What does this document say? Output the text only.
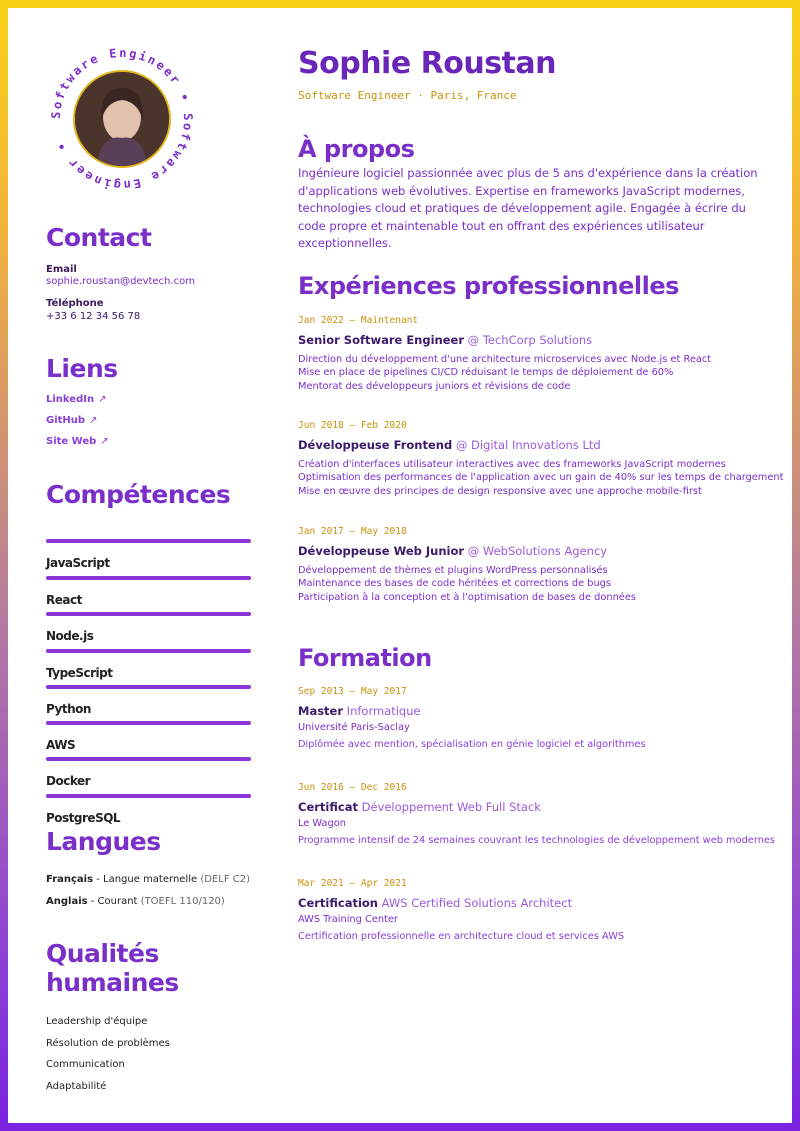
Software Engineer • Software Engineer •
Contact
Email
sophie.roustan@devtech.com
Téléphone
+33 6 12 34 56 78
Liens
LinkedIn ↗
GitHub ↗
Site Web ↗
Compétences
JavaScript
React
Node.js
TypeScript
Python
AWS
Docker
PostgreSQL
Langues
Français - Langue maternelle (DELF C2)
Anglais - Courant (TOEFL 110/120)
Qualités
humaines
Leadership d'équipe
Résolution de problèmes
Communication
Adaptabilité
Sophie Roustan
Software Engineer · Paris, France
À propos
Ingénieure logiciel passionnée avec plus de 5 ans d'expérience dans la création d'applications web évolutives. Expertise en frameworks JavaScript modernes, technologies cloud et pratiques de développement agile. Engagée à écrire du code propre et maintenable tout en offrant des expériences utilisateur exceptionnelles.
Expériences professionnelles
Jan 2022 — Maintenant
Senior Software Engineer @ TechCorp Solutions
Direction du développement d'une architecture microservices avec Node.js et React
Mise en place de pipelines CI/CD réduisant le temps de déploiement de 60%
Mentorat des développeurs juniors et révisions de code
Jun 2018 — Feb 2020
Développeuse Frontend @ Digital Innovations Ltd
Création d'interfaces utilisateur interactives avec des frameworks JavaScript modernes
Optimisation des performances de l'application avec un gain de 40% sur les temps de chargement
Mise en œuvre des principes de design responsive avec une approche mobile-first
Jan 2017 — May 2018
Développeuse Web Junior @ WebSolutions Agency
Développement de thèmes et plugins WordPress personnalisés
Maintenance des bases de code héritées et corrections de bugs
Participation à la conception et à l'optimisation de bases de données
Formation
Sep 2013 — May 2017
Master Informatique
Université Paris-Saclay
Diplômée avec mention, spécialisation en génie logiciel et algorithmes
Jun 2016 — Dec 2016
Certificat Développement Web Full Stack
Le Wagon
Programme intensif de 24 semaines couvrant les technologies de développement web modernes
Mar 2021 — Apr 2021
Certification AWS Certified Solutions Architect
AWS Training Center
Certification professionnelle en architecture cloud et services AWS
